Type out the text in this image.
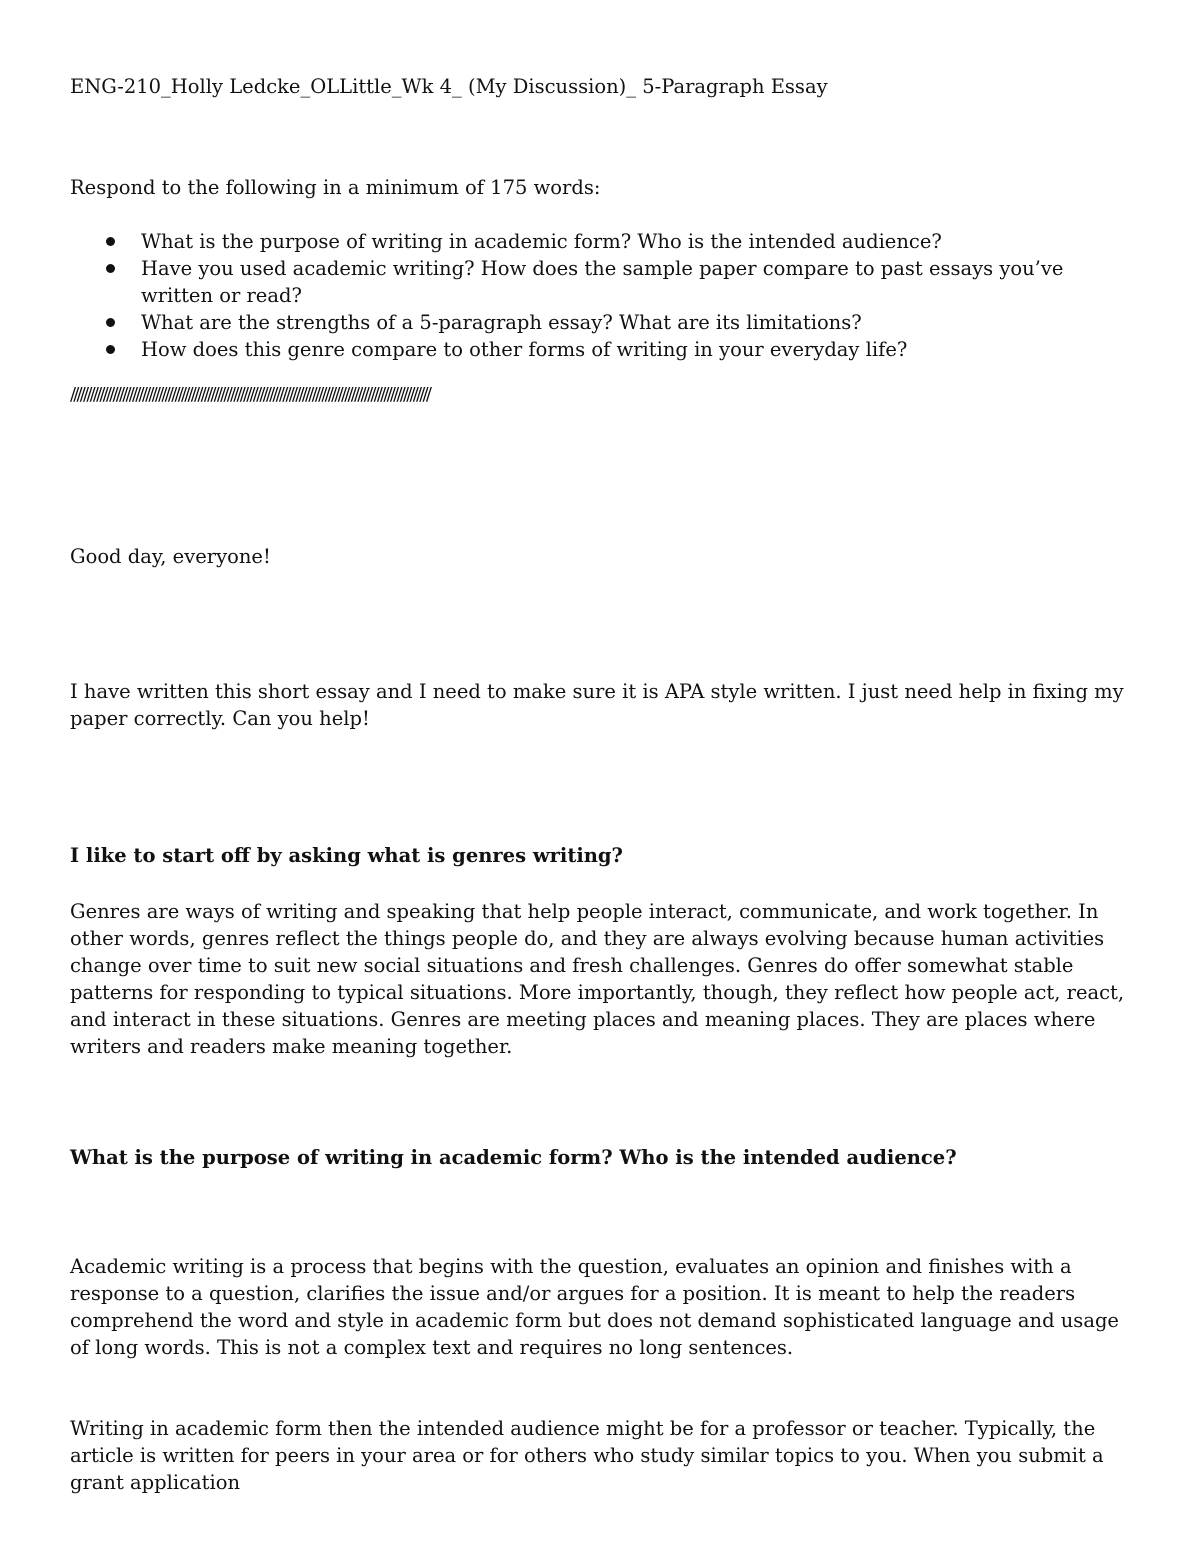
ENG-210_Holly Ledcke_OLLittle_Wk 4_ (My Discussion)_ 5-Paragraph Essay

Respond to the following in a minimum of 175 words:

What is the purpose of writing in academic form? Who is the intended audience?
Have you used academic writing? How does the sample paper compare to past essays you’ve written or read?
What are the strengths of a 5-paragraph essay? What are its limitations?
How does this genre compare to other forms of writing in your everyday life?

//////////////////////////////////////////////////////////////////////////////////////////////////////////////

Good day, everyone!

I have written this short essay and I need to make sure it is APA style written. I just need help in fixing my paper correctly. Can you help!

I like to start off by asking what is genres writing?

Genres are ways of writing and speaking that help people interact, communicate, and work together. In other words, genres reflect the things people do, and they are always evolving because human activities change over time to suit new social situations and fresh challenges. Genres do offer somewhat stable patterns for responding to typical situations. More importantly, though, they reflect how people act, react, and interact in these situations. Genres are meeting places and meaning places. They are places where writers and readers make meaning together.

What is the purpose of writing in academic form? Who is the intended audience?

Academic writing is a process that begins with the question, evaluates an opinion and finishes with a response to a question, clarifies the issue and/or argues for a position. It is meant to help the readers comprehend the word and style in academic form but does not demand sophisticated language and usage of long words. This is not a complex text and requires no long sentences.

Writing in academic form then the intended audience might be for a professor or teacher. Typically, the article is written for peers in your area or for others who study similar topics to you. When you submit a grant application
